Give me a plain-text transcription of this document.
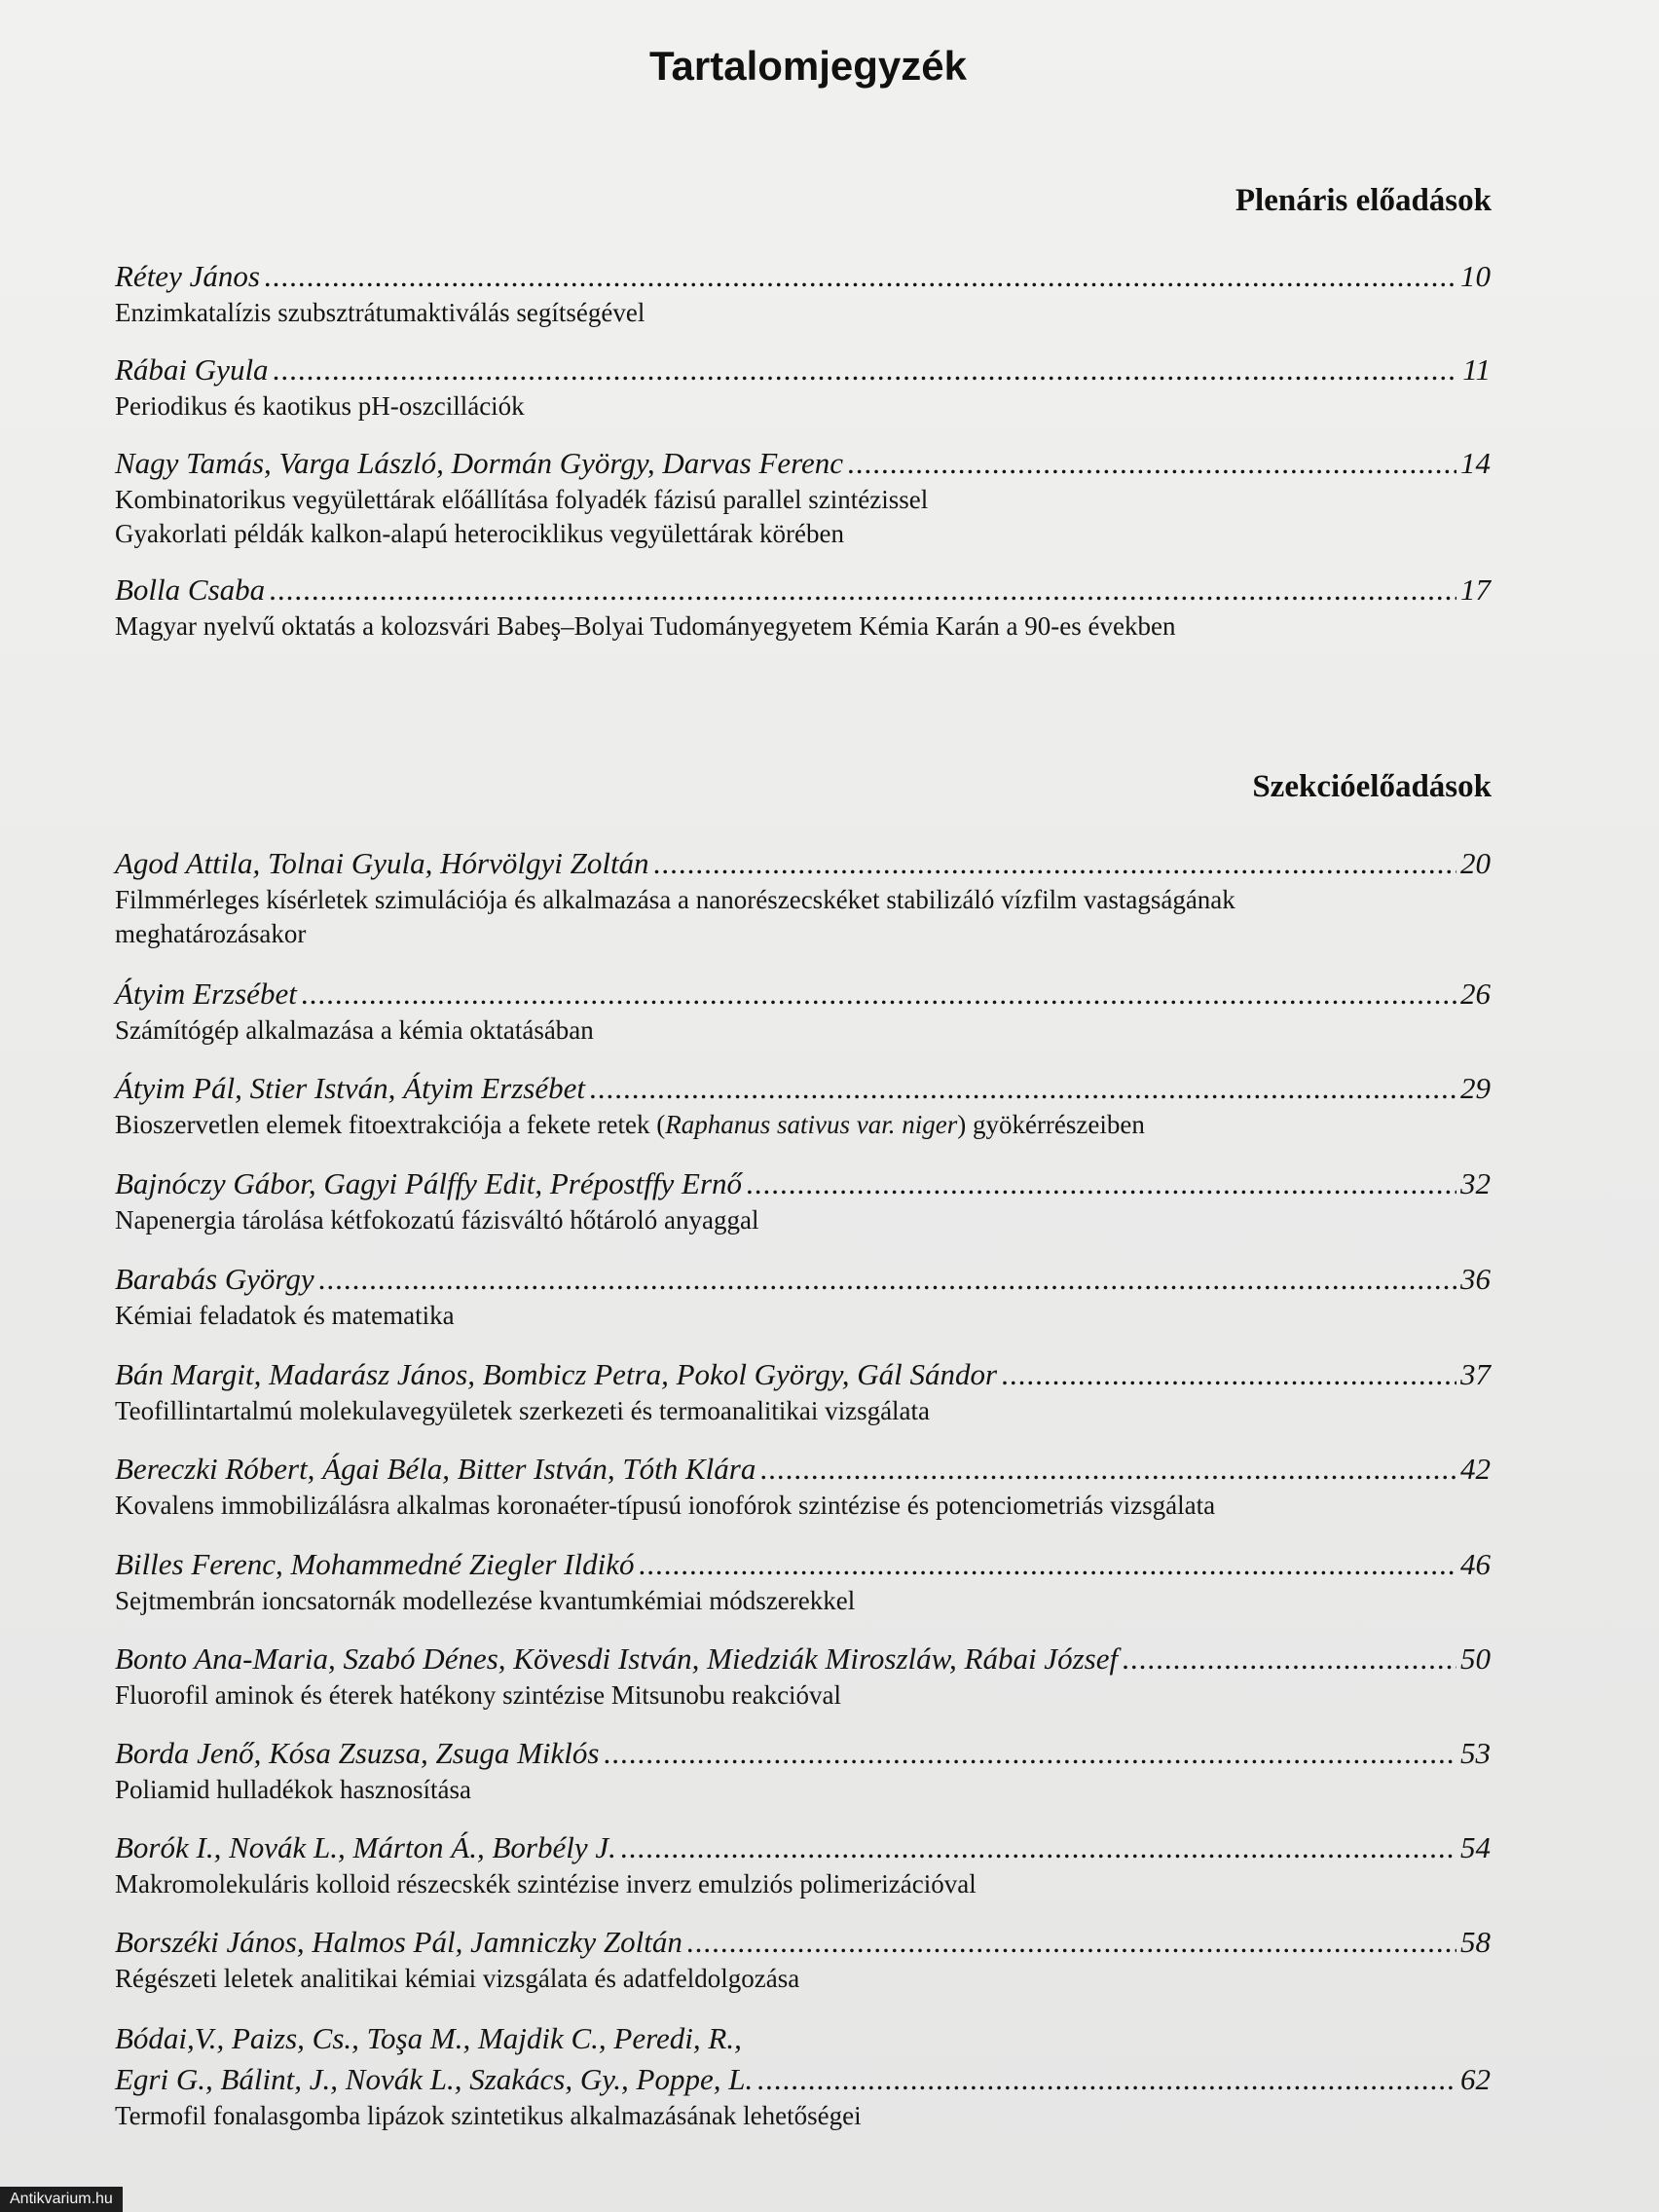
Tartalomjegyzék
Plenáris előadások
Rétey János .....	10
Enzimkatalízis szubsztrátumaktiválás segítségével
Rábai Gyula .....	11
Periodikus és kaotikus pH-oszcillációk
Nagy Tamás, Varga László, Dormán György, Darvas Ferenc .....	14
Kombinatorikus vegyülettárak előállítása folyadék fázisú parallel szintézissel
Gyakorlati példák kalkon-alapú heterociklikus vegyülettárak körében
Bolla Csaba .....	17
Magyar nyelvű oktatás a kolozsvári Babeş–Bolyai Tudományegyetem Kémia Karán a 90-es években
Szekcióelőadások
Agod Attila, Tolnai Gyula, Hórvölgyi Zoltán .....	20
Filmmérleges kísérletek szimulációja és alkalmazása a nanorészecskéket stabilizáló vízfilm vastagságának
meghatározásakor
Átyim Erzsébet .....	26
Számítógép alkalmazása a kémia oktatásában
Átyim Pál, Stier István, Átyim Erzsébet .....	29
Bioszervetlen elemek fitoextrakciója a fekete retek (Raphanus sativus var. niger) gyökérrészeiben
Bajnóczy Gábor, Gagyi Pálffy Edit, Prépostffy Ernő .....	32
Napenergia tárolása kétfokozatú fázisváltó hőtároló anyaggal
Barabás György .....	36
Kémiai feladatok és matematika
Bán Margit, Madarász János, Bombicz Petra, Pokol György, Gál Sándor .....	37
Teofillintartalmú molekulavegyületek szerkezeti és termoanalitikai vizsgálata
Bereczki Róbert, Ágai Béla, Bitter István, Tóth Klára .....	42
Kovalens immobilizálásra alkalmas koronaéter-típusú ionofórok szintézise és potenciometriás vizsgálata
Billes Ferenc, Mohammedné Ziegler Ildikó .....	46
Sejtmembrán ioncsatornák modellezése kvantumkémiai módszerekkel
Bonto Ana-Maria, Szabó Dénes, Kövesdi István, Miedziák Miroszláw, Rábai József .....	50
Fluorofil aminok és éterek hatékony szintézise Mitsunobu reakcióval
Borda Jenő, Kósa Zsuzsa, Zsuga Miklós .....	53
Poliamid hulladékok hasznosítása
Borók I., Novák L., Márton Á., Borbély J. .....	54
Makromolekuláris kolloid részecskék szintézise inverz emulziós polimerizációval
Borszéki János, Halmos Pál, Jamniczky Zoltán .....	58
Régészeti leletek analitikai kémiai vizsgálata és adatfeldolgozása
Bódai,V., Paizs, Cs., Toşa M., Majdik C., Peredi, R.,
Egri G., Bálint, J., Novák L., Szakács, Gy., Poppe, L. .....	62
Termofil fonalasgomba lipázok szintetikus alkalmazásának lehetőségei
Antikvarium.hu
